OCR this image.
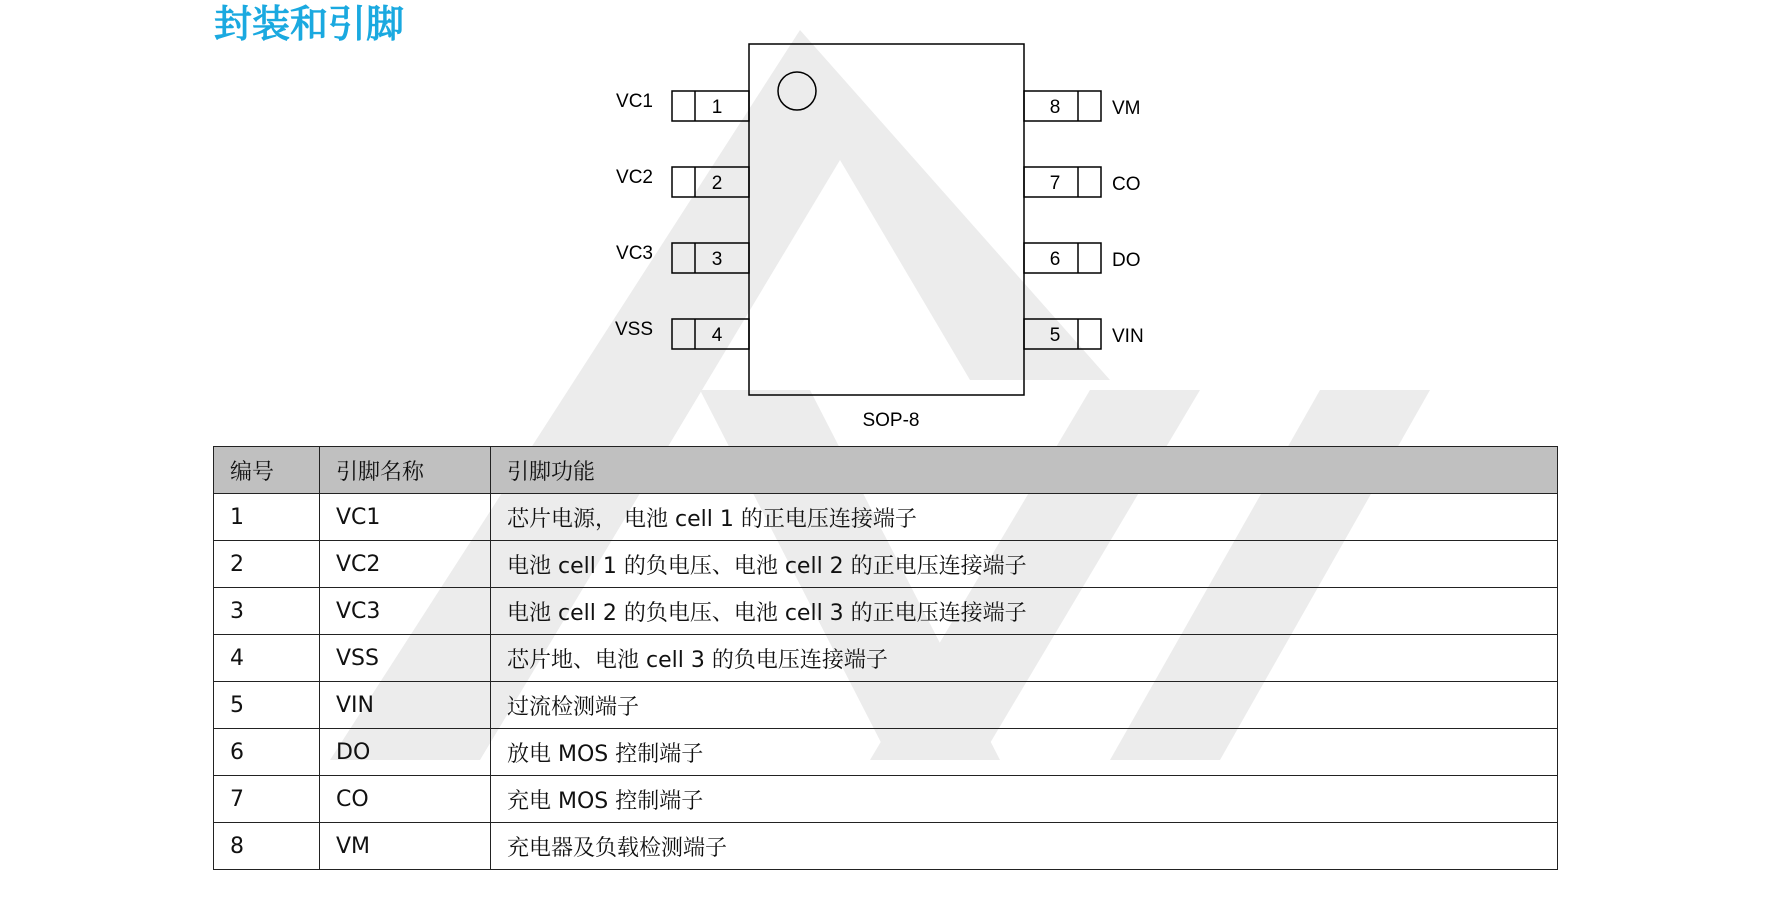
封装和引脚
1
VC1
2
VC2
3
VC3
4
VSS
8	VM
7	CO
6	DO
5	VIN
SOP-8
编号	引脚名称	引脚功能
1	VC1	芯片电源， 电池 cell 1 的正电压连接端子
2	VC2	电池 cell 1 的负电压、电池 cell 2 的正电压连接端子
3	VC3	电池 cell 2 的负电压、电池 cell 3 的正电压连接端子
4	VSS	芯片地、电池 cell 3 的负电压连接端子
5	VIN	过流检测端子
6	DO	放电 MOS 控制端子
7	CO	充电 MOS 控制端子
8	VM	充电器及负载检测端子
